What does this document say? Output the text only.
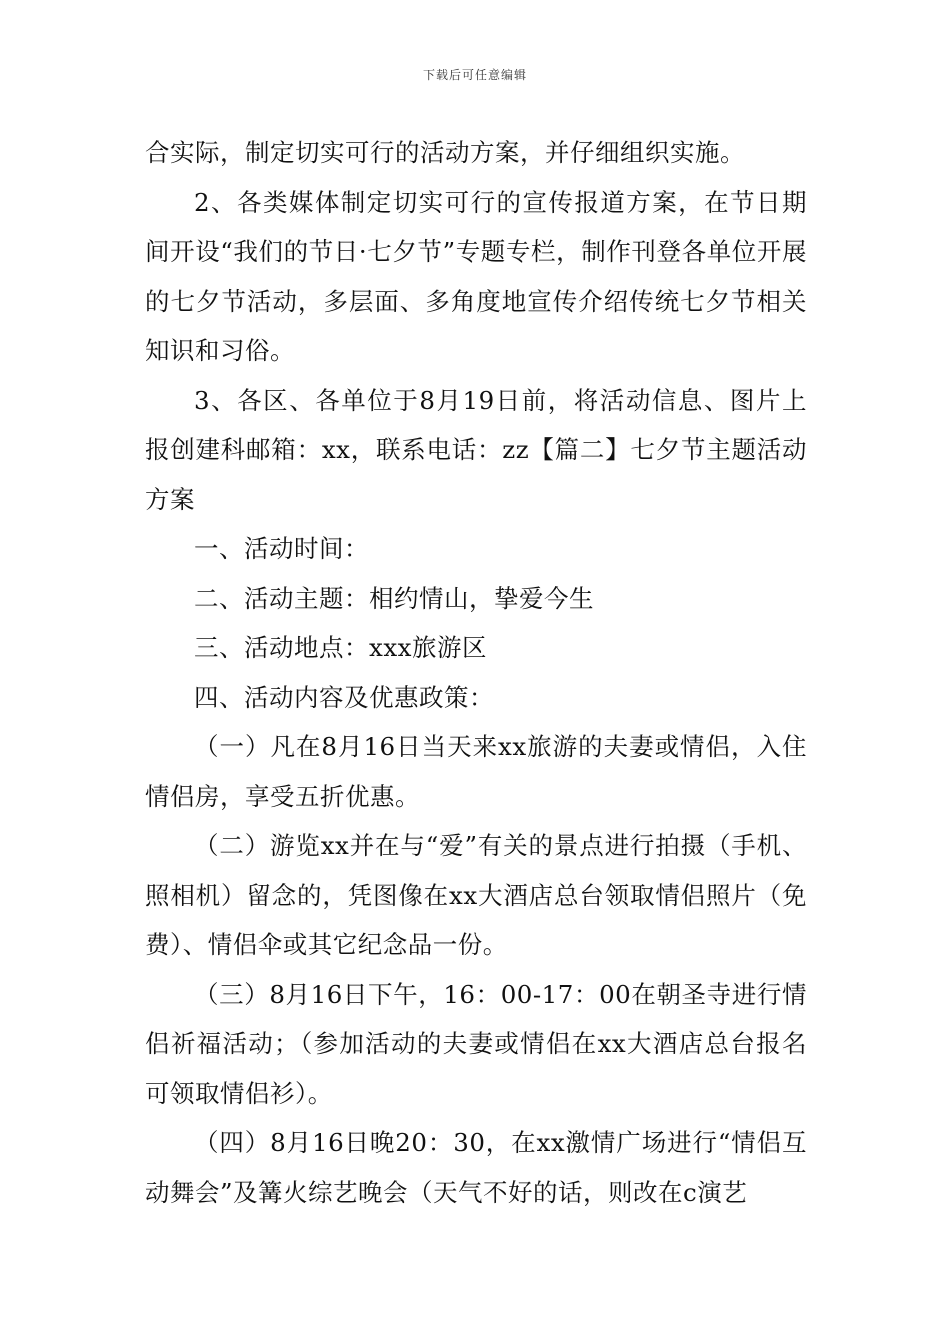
下载后可任意编辑

合实际，制定切实可行的活动方案，并仔细组织实施。

2、各类媒体制定切实可行的宣传报道方案，在节日期间开设“我们的节日·七夕节”专题专栏，制作刊登各单位开展的七夕节活动，多层面、多角度地宣传介绍传统七夕节相关知识和习俗。

3、各区、各单位于8月19日前，将活动信息、图片上报创建科邮箱：xx，联系电话：zz【篇二】七夕节主题活动方案

一、活动时间：

二、活动主题：相约情山，挚爱今生

三、活动地点：xxx旅游区

四、活动内容及优惠政策：

（一）凡在8月16日当天来xx旅游的夫妻或情侣，入住情侣房，享受五折优惠。

（二）游览xx并在与“爱”有关的景点进行拍摄（手机、照相机）留念的，凭图像在xx大酒店总台领取情侣照片（免费）、情侣伞或其它纪念品一份。

（三）8月16日下午，16：00-17：00在朝圣寺进行情侣祈福活动；（参加活动的夫妻或情侣在xx大酒店总台报名可领取情侣衫）。

（四）8月16日晚20：30，在xx激情广场进行“情侣互动舞会”及篝火综艺晚会（天气不好的话，则改在c演艺
